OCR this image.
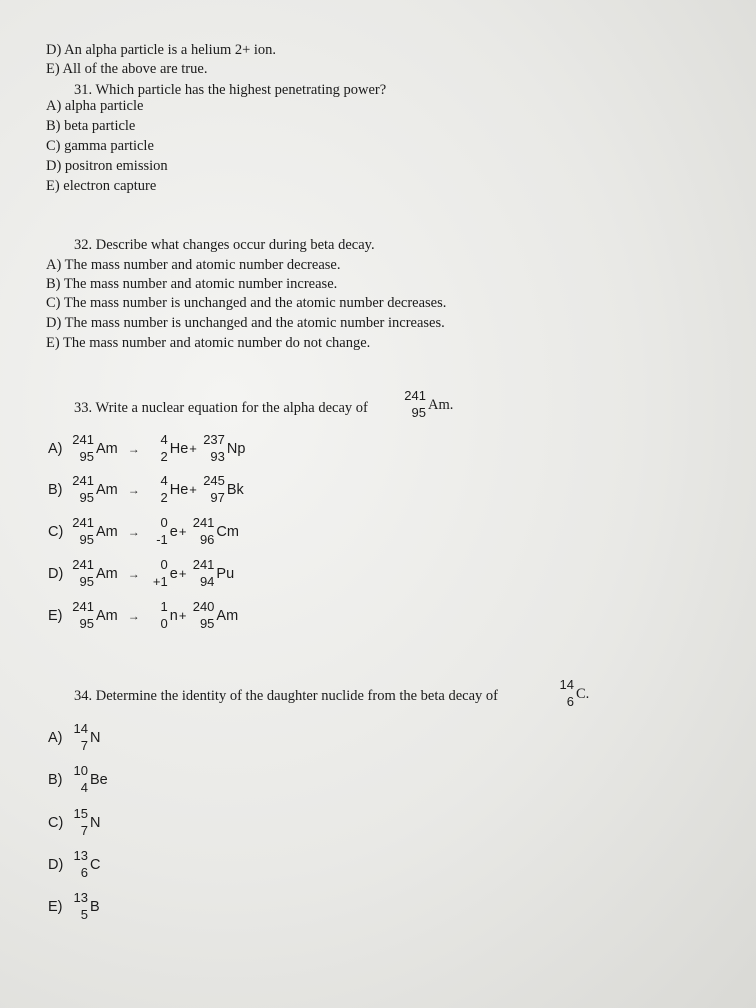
D) An alpha particle is a helium 2+ ion.
E) All of the above are true.
31. Which particle has the highest penetrating power?
A) alpha particle
B) beta particle
C) gamma particle
D) positron emission
E) electron capture
32. Describe what changes occur during beta decay.
A) The mass number and atomic number decrease.
B) The mass number and atomic number increase.
C) The mass number is unchanged and the atomic number decreases.
D) The mass number is unchanged and the atomic number increases.
E) The mass number and atomic number do not change.
33. Write a nuclear equation for the alpha decay of
241
95 Am.
A)
241
95 Am →
4
2 He+
237
93 Np
B)
241
95 Am →
4
2 He+
245
97 Bk
C)
241
95 Am →
0
-1 e+
241
96 Cm
D)
241
95 Am →
0
+1 e+
241
94 Pu
E)
241
95 Am →
1
0 n+
240
95 Am
34. Determine the identity of the daughter nuclide from the beta decay of
14
6 C.
A)
14
7 N
B)
10
4 Be
C)
15
7 N
D)
13
6 C
E)
13
5 B
